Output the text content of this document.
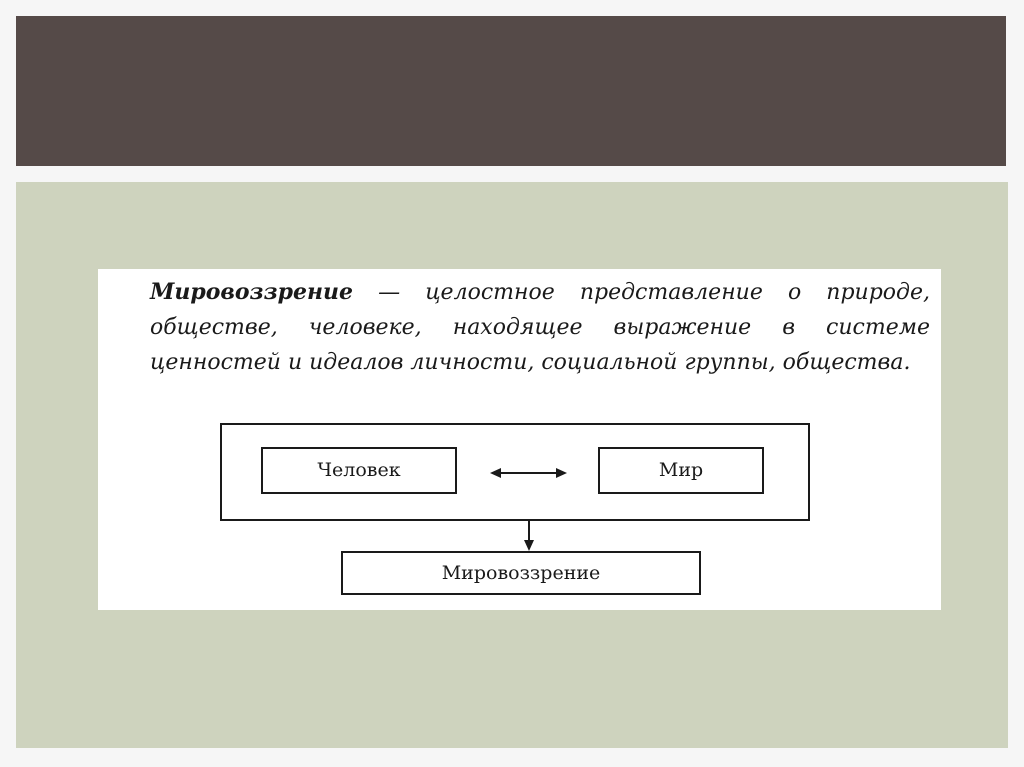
Мировоззрение — целостное представление о природе, обществе, человеке, находящее выражение в системе ценностей и идеалов личности, социальной группы, общества.

Человек	Мир
Мировоззрение
